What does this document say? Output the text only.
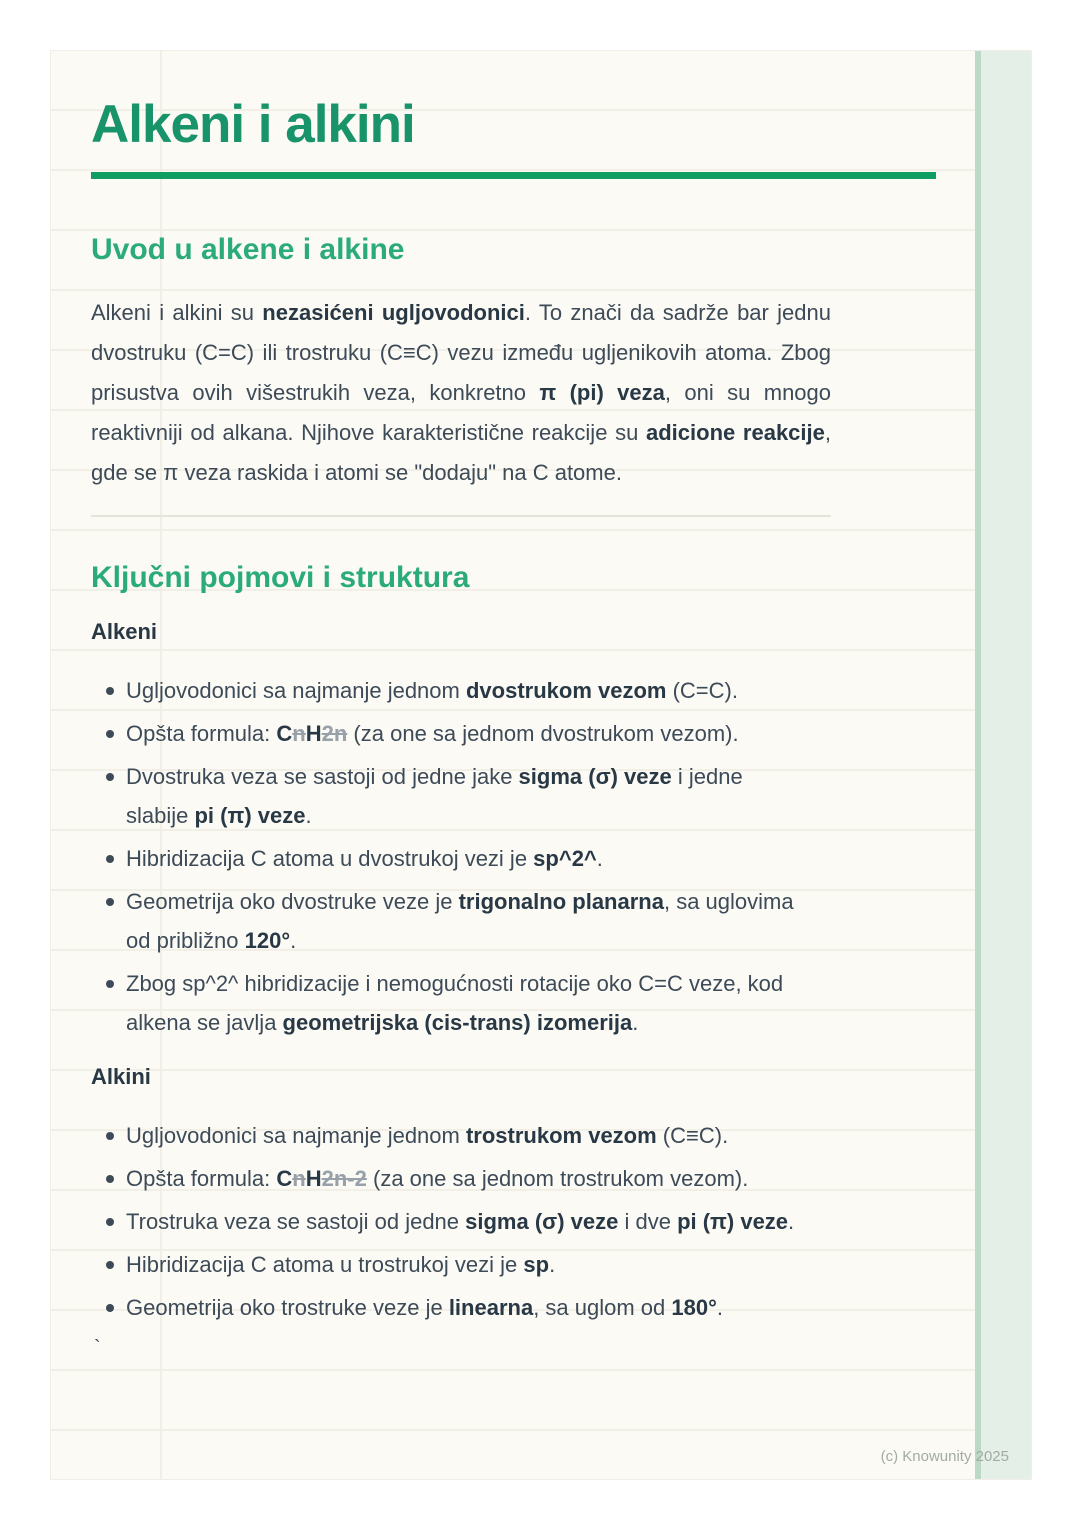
Alkeni i alkini
Uvod u alkene i alkine

Alkeni i alkini su nezasićeni ugljovodonici. To znači da sadrže bar jednu dvostruku (C=C) ili trostruku (C≡C) vezu između ugljenikovih atoma. Zbog prisustva ovih višestrukih veza, konkretno π (pi) veza, oni su mnogo reaktivniji od alkana. Njihove karakteristične reakcije su adicione reakcije, gde se π veza raskida i atomi se "dodaju" na C atome.

Ključni pojmovi i struktura
Alkeni
Ugljovodonici sa najmanje jednom dvostrukom vezom (C=C).
Opšta formula: CnH2n (za one sa jednom dvostrukom vezom).
Dvostruka veza se sastoji od jedne jake sigma (σ) veze i jedne slabije pi (π) veze.
Hibridizacija C atoma u dvostrukoj vezi je sp^2^.
Geometrija oko dvostruke veze je trigonalno planarna, sa uglovima od približno 120°.
Zbog sp^2^ hibridizacije i nemogućnosti rotacije oko C=C veze, kod alkena se javlja geometrijska (cis-trans) izomerija.
Alkini
Ugljovodonici sa najmanje jednom trostrukom vezom (C≡C).
Opšta formula: CnH2n-2 (za one sa jednom trostrukom vezom).
Trostruka veza se sastoji od jedne sigma (σ) veze i dve pi (π) veze.
Hibridizacija C atoma u trostrukoj vezi je sp.
Geometrija oko trostruke veze je linearna, sa uglom od 180°.
`
(c) Knowunity 2025
